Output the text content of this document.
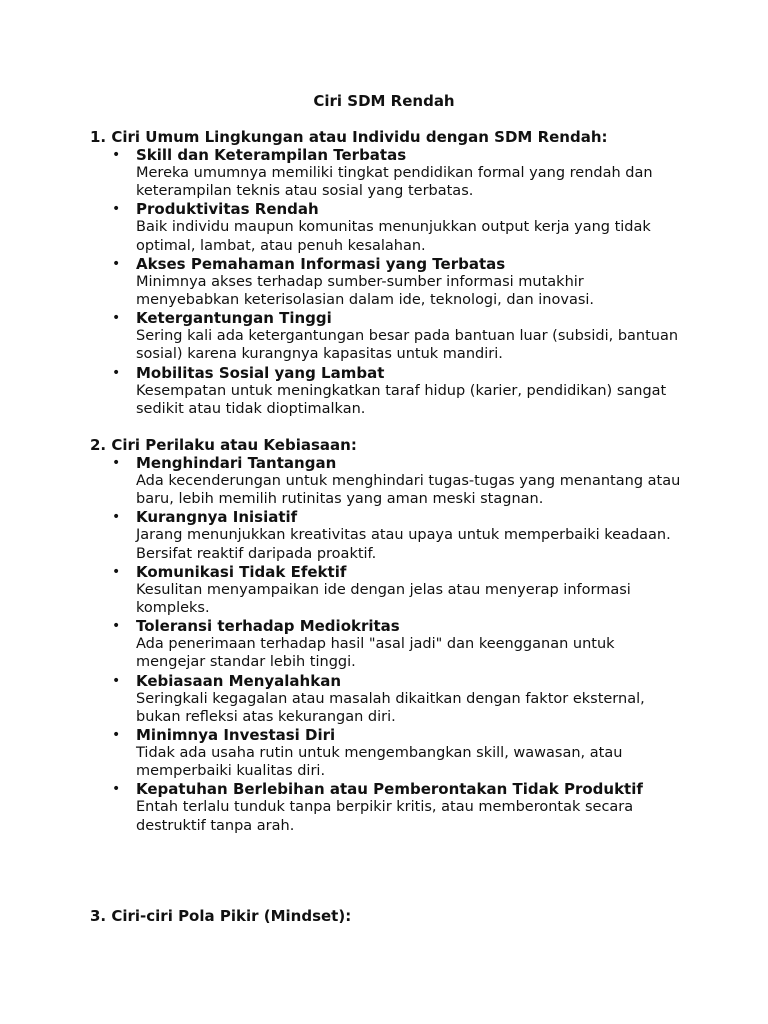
Ciri SDM Rendah

1. Ciri Umum Lingkungan atau Individu dengan SDM Rendah:

• Skill dan Keterampilan Terbatas
Mereka umumnya memiliki tingkat pendidikan formal yang rendah dan keterampilan teknis atau sosial yang terbatas.
• Produktivitas Rendah
Baik individu maupun komunitas menunjukkan output kerja yang tidak optimal, lambat, atau penuh kesalahan.
• Akses Pemahaman Informasi yang Terbatas
Minimnya akses terhadap sumber-sumber informasi mutakhir menyebabkan keterisolasian dalam ide, teknologi, dan inovasi.
• Ketergantungan Tinggi
Sering kali ada ketergantungan besar pada bantuan luar (subsidi, bantuan sosial) karena kurangnya kapasitas untuk mandiri.
• Mobilitas Sosial yang Lambat
Kesempatan untuk meningkatkan taraf hidup (karier, pendidikan) sangat sedikit atau tidak dioptimalkan.

2. Ciri Perilaku atau Kebiasaan:

• Menghindari Tantangan
Ada kecenderungan untuk menghindari tugas-tugas yang menantang atau baru, lebih memilih rutinitas yang aman meski stagnan.
• Kurangnya Inisiatif
Jarang menunjukkan kreativitas atau upaya untuk memperbaiki keadaan. Bersifat reaktif daripada proaktif.
• Komunikasi Tidak Efektif
Kesulitan menyampaikan ide dengan jelas atau menyerap informasi kompleks.
• Toleransi terhadap Mediokritas
Ada penerimaan terhadap hasil "asal jadi" dan keengganan untuk mengejar standar lebih tinggi.
• Kebiasaan Menyalahkan
Seringkali kegagalan atau masalah dikaitkan dengan faktor eksternal, bukan refleksi atas kekurangan diri.
• Minimnya Investasi Diri
Tidak ada usaha rutin untuk mengembangkan skill, wawasan, atau memperbaiki kualitas diri.
• Kepatuhan Berlebihan atau Pemberontakan Tidak Produktif
Entah terlalu tunduk tanpa berpikir kritis, atau memberontak secara destruktif tanpa arah.

3. Ciri-ciri Pola Pikir (Mindset):
